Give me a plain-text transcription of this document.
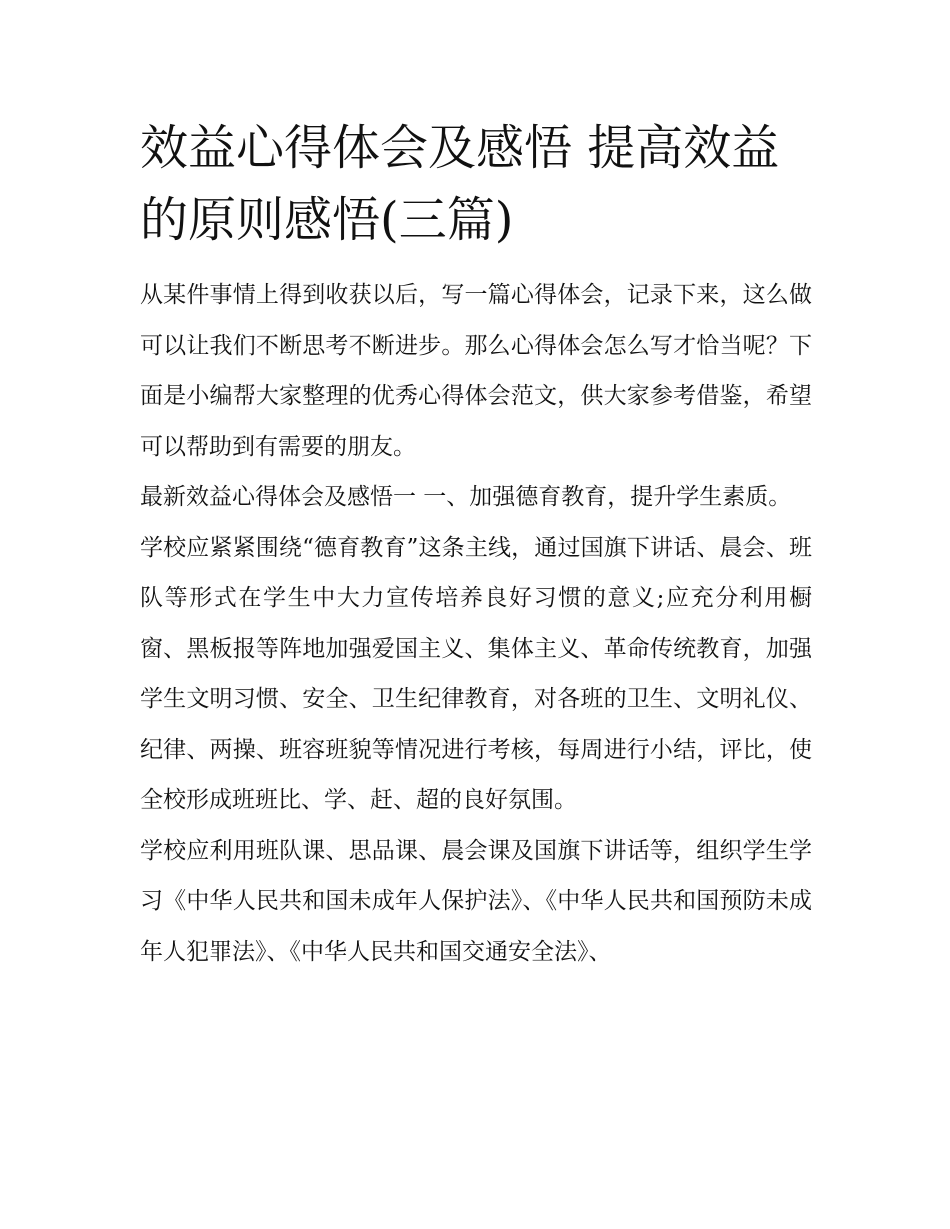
效益心得体会及感悟 提高效益的原则感悟(三篇)

从某件事情上得到收获以后，写一篇心得体会，记录下来，这么做可以让我们不断思考不断进步。那么心得体会怎么写才恰当呢？下面是小编帮大家整理的优秀心得体会范文，供大家参考借鉴，希望可以帮助到有需要的朋友。

最新效益心得体会及感悟一 一、加强德育教育，提升学生素质。

学校应紧紧围绕“德育教育”这条主线，通过国旗下讲话、晨会、班队等形式在学生中大力宣传培养良好习惯的意义;应充分利用橱窗、黑板报等阵地加强爱国主义、集体主义、革命传统教育，加强学生文明习惯、安全、卫生纪律教育，对各班的卫生、文明礼仪、纪律、两操、班容班貌等情况进行考核，每周进行小结，评比，使全校形成班班比、学、赶、超的良好氛围。

学校应利用班队课、思品课、晨会课及国旗下讲话等，组织学生学习《中华人民共和国未成年人保护法》、《中华人民共和国预防未成年人犯罪法》、《中华人民共和国交通安全法》、
